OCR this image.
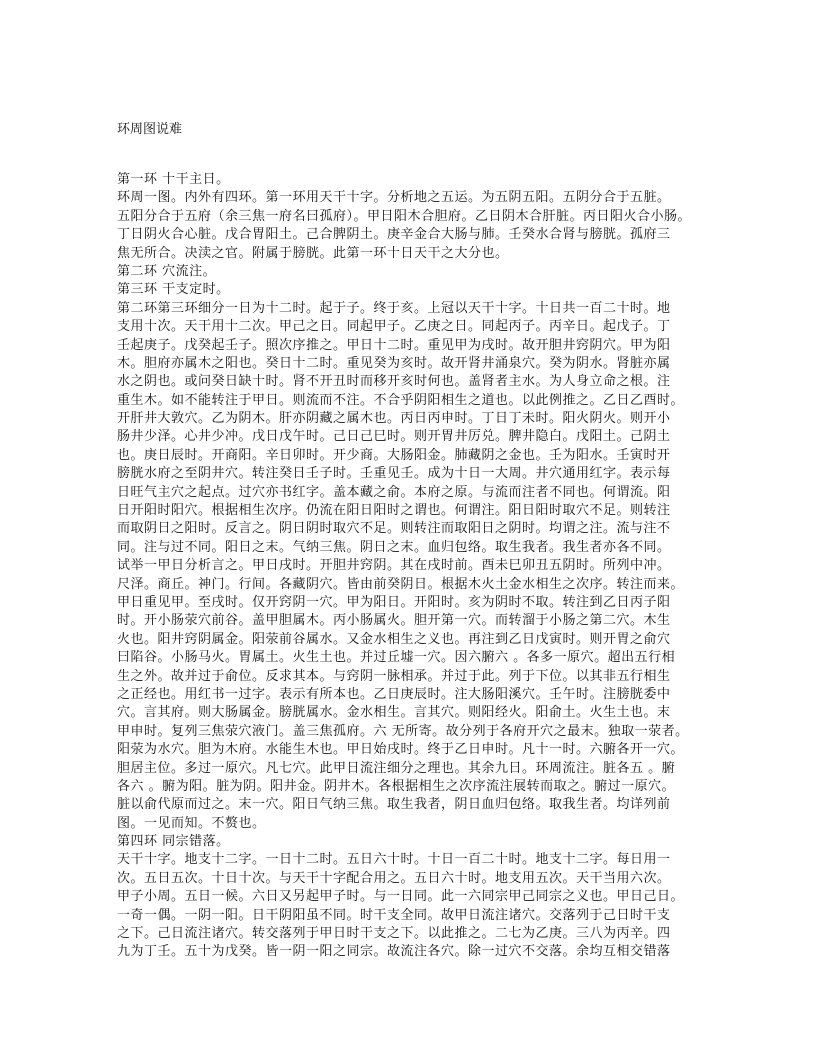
环周图说难
第一环 十干主日。
环周一图。内外有四环。第一环用天干十字。分析地之五运。为五阴五阳。五阴分合于五脏。
五阳分合于五府（余三焦一府名曰孤府）。甲日阳木合胆府。乙日阴木合肝脏。丙日阳火合小肠。
丁日阴火合心脏。戊合胃阳土。己合脾阴土。庚辛金合大肠与肺。壬癸水合肾与膀胱。孤府三
焦无所合。决渎之官。附属于膀胱。此第一环十日天干之大分也。
第二环 穴流注。
第三环 干支定时。
第二环第三环细分一日为十二时。起于子。终于亥。上冠以天干十字。十日共一百二十时。地
支用十次。天干用十二次。甲己之日。同起甲子。乙庚之日。同起丙子。丙辛日。起戊子。丁
壬起庚子。戊癸起壬子。照次序推之。甲日十二时。重见甲为戌时。故开胆井窍阴穴。甲为阳
木。胆府亦属木之阳也。癸日十二时。重见癸为亥时。故开肾井涌泉穴。癸为阴水。肾脏亦属
水之阴也。或问癸日缺十时。肾不开丑时而移开亥时何也。盖肾者主水。为人身立命之根。注
重生木。如不能转注于甲日。则流而不注。不合乎阴阳相生之道也。以此例推之。乙日乙酉时。
开肝井大敦穴。乙为阴木。肝亦阴藏之属木也。丙日丙申时。丁日丁未时。阳火阴火。则开小
肠井少泽。心井少冲。戊日戊午时。己日己巳时。则开胃井厉兑。脾井隐白。戊阳土。己阴土
也。庚日辰时。开商阳。辛日卯时。开少商。大肠阳金。肺藏阴之金也。壬为阳水。壬寅时开
膀胱水府之至阴井穴。转注癸日壬子时。壬重见壬。成为十日一大周。井穴通用红字。表示每
日旺气主穴之起点。过穴亦书红字。盖本藏之俞。本府之原。与流而注者不同也。何谓流。阳
日开阳时阳穴。根据相生次序。仍流在阳日阳时之谓也。何谓注。阳日阳时取穴不足。则转注
而取阴日之阳时。反言之。阴日阴时取穴不足。则转注而取阳日之阴时。均谓之注。流与注不
同。注与过不同。阳日之末。气纳三焦。阴日之末。血归包络。取生我者。我生者亦各不同。
试举一甲日分析言之。甲日戌时。开胆井窍阴。其在戌时前。酉未巳卯丑五阴时。所列中冲。
尺泽。商丘。神门。行间。各藏阴穴。皆由前癸阴日。根据木火土金水相生之次序。转注而来。
甲日重见甲。至戌时。仅开窍阴一穴。甲为阳日。开阳时。亥为阴时不取。转注到乙日丙子阳
时。开小肠荥穴前谷。盖甲胆属木。丙小肠属火。胆开第一穴。而转溜于小肠之第二穴。木生
火也。阳井窍阴属金。阳荥前谷属水。又金水相生之义也。再注到乙日戊寅时。则开胃之俞穴
曰陷谷。小肠马火。胃属土。火生土也。并过丘墟一穴。因六腑六 。各多一原穴。超出五行相
生之外。故并过于俞位。反求其本。与窍阴一脉相承。并过于此。列于下位。以其非五行相生
之正经也。用红书一过字。表示有所本也。乙日庚辰时。注大肠阳溪穴。壬午时。注膀胱委中
穴。言其府。则大肠属金。膀胱属水。金水相生。言其穴。则阳经火。阳俞土。火生土也。末
甲申时。复列三焦荥穴液门。盖三焦孤府。六 无所寄。故分列于各府开穴之最末。独取一荥者。
阳荥为水穴。胆为木府。水能生木也。甲日始戌时。终于乙日申时。凡十一时。六腑各开一穴。
胆居主位。多过一原穴。凡七穴。此甲日流注细分之理也。其余九日。环周流注。脏各五 。腑
各六 。腑为阳。脏为阴。阳井金。阴井木。各根据相生之次序流注展转而取之。腑过一原穴。
脏以俞代原而过之。末一穴。阳日气纳三焦。取生我者，阴日血归包络。取我生者。均详列前
图。一见而知。不赘也。
第四环 同宗错落。
天干十字。地支十二字。一日十二时。五日六十时。十日一百二十时。地支十二字。每日用一
次。五日五次。十日十次。与天干十字配合用之。五日六十时。地支用五次。天干当用六次。
甲子小周。五日一候。六日又另起甲子时。与一日同。此一六同宗甲己同宗之义也。甲日己日。
一奇一偶。一阴一阳。日干阴阳虽不同。时干支全同。故甲日流注诸穴。交落列于己日时干支
之下。己日流注诸穴。转交落列于甲日时干支之下。以此推之。二七为乙庚。三八为丙辛。四
九为丁壬。五十为戊癸。皆一阴一阳之同宗。故流注各穴。除一过穴不交落。余均互相交错落
